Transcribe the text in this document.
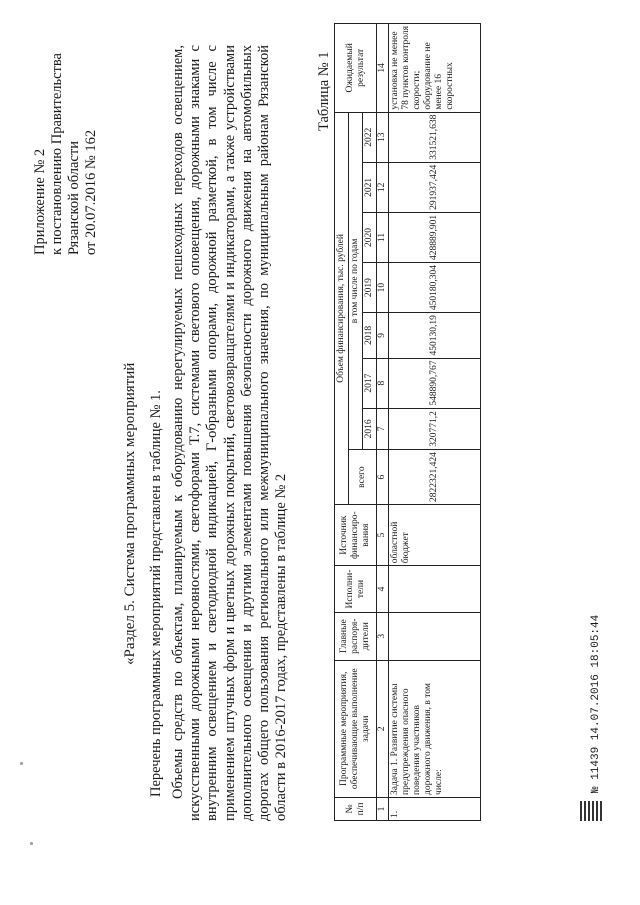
Приложение № 2 к постановлению Правительства Рязанской области от 20.07.2016 № 162
«Раздел 5. Система программных мероприятий Перечень программных мероприятий представлен в таблице № 1. Объемы средств по объектам, планируемым к оборудованию нерегулируемых пешеходных переходов освещением, искусственными дорожными неровностями, светофорами Т.7, системами светового оповещения, дорожными знаками с внутренним освещением и светодиодной индикацией, Г-образными опорами, дорожной разметкой, в том числе с применением штучных форм и цветных дорожных покрытий, световозвращателями и индикаторами, а также устройствами дополнительного освещения и другими элементами повышения безопасности дорожного движения на автомобильных дорогах общего пользования регионального или межмуниципального значения, по муниципальным районам Рязанской области в 2016-2017 годах, представлены в таблице № 2
Таблица № 1
№ п/п	Программные мероприятия, обеспечивающие выполнение задачи	Главные распоря- дители	Исполни- тели	Источник финансиро- вания	Объем финансирования, тыс. рублей								Ожидаемый результат
					всего	в том числе по годам							
						2016	2017	2018	2019	2020	2021	2022	
1	2	3	4	5	6	7	8	9	10	11	12	13	14
1.	Задача 1. Развитие системы предупреждения опасного поведения участников дорожного движения, в том числе:			областной бюджет	2822321,424	320771,2	548890,767	450130,19	450180,304	428889,901	291937,424	331521,638	установка не менее 78 пунктов контроля скорости; оборудование не менее 16 скоростных
№ 11439 14.07.2016 18:05:44
